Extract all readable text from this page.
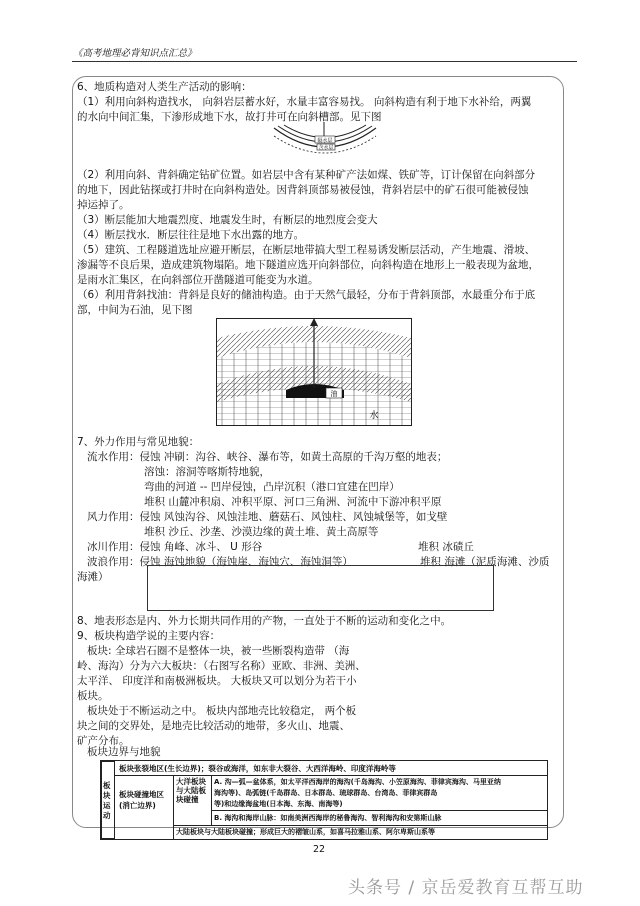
《高考地理必背知识点汇总》
6、地质构造对人类生产活动的影响：
（1）利用向斜构造找水， 向斜岩层蓄水好，水量丰富容易找。 向斜构造有利于地下水补给，两翼
的水向中间汇集，下渗形成地下水，故打井可在向斜槽部。见下图
隔水层
含水层
（2）利用向斜、背斜确定钻矿位置。如岩层中含有某种矿产法如煤、铁矿等，订计保留在向斜部分
的地下，因此钻探或打井时在向斜构造处。因背斜顶部易被侵蚀，背斜岩层中的矿石很可能被侵蚀
掉运掉了。
（3）断层能加大地震烈度、地震发生时，有断层的地烈度会变大
（4）断层找水．断层往往是地下水出露的地方。
（5）建筑、工程隧道选址应避开断层，在断层地带搞大型工程易诱发断层活动，产生地震、滑坡、
渗漏等不良后果，造成建筑物塌陷。地下隧道应选开向斜部位，向斜构造在地形上一般表现为盆地，
是雨水汇集区，在向斜部位开凿隧道可能变为水道。
（6）利用背斜找油：背斜是良好的储油构造。由于天然气最轻，分布于背斜顶部，水最重分布于底
部，中间为石油，见下图
油
水
7、外力作用与常见地貌：
流水作用：侵蚀 冲刷：沟谷、峡谷、瀑布等，如黄土高原的千沟万壑的地表；
溶蚀：溶洞等喀斯特地貌，
弯曲的河道 -- 凹岸侵蚀，凸岸沉积（港口宜建在凹岸）
堆积 山麓冲积扇、冲积平原、河口三角洲、河流中下游冲积平原
风力作用：侵蚀 风蚀沟谷、风蚀洼地、蘑菇石、风蚀柱、风蚀城堡等，如戈壁
堆积 沙丘、沙垄、沙漠边缘的黄土堆、黄土高原等
冰川作用：侵蚀 角峰、冰斗、 U 形谷	堆积 冰碛丘
波浪作用：侵蚀 海蚀地貌（海蚀崖、海蚀穴、海蚀洞等）	堆积 海滩（泥质海滩、沙质
海滩）
8、地表形态是内、外力长期共同作用的产物，一直处于不断的运动和变化之中。
9、板块构造学说的主要内容：
板块: 全球岩石圈不是整体一块，被一些断裂构造带 （海
岭、海沟）分为六大板块：（右图写名称）亚欧、非洲、美洲、
太平洋、 印度洋和南极洲板块。 大板块又可以划分为若干小
板块。
板块处于不断运动之中。 板块内部地壳比较稳定， 两个板
块之间的交界处，是地壳比较活动的地带，多火山、地震、
矿产分布。
板块边界与地貌
板块运动
板块张裂地区(生长边界)；裂谷或海洋，如东非大裂谷、大西洋海岭、印度洋海岭等
板块碰撞地区(消亡边界)
大洋板块与大陆板块碰撞
A. 沟—弧—盆体系，如太平洋西海岸的海沟(千岛海沟、小笠原海沟、菲律宾海沟、马里亚纳
海沟等)、岛弧链(千岛群岛、日本群岛、琉球群岛、台湾岛、菲律宾群岛
等)和边缘海盆地(日本海、东海、南海等)
B. 海沟和海岸山脉：如南美洲西海岸的秘鲁海沟、智利海沟和安第斯山脉
大陆板块与大陆板块碰撞；形成巨大的褶皱山系，如喜马拉雅山系、阿尔卑斯山系等
22
头条号 / 京岳爱教育互帮互助
